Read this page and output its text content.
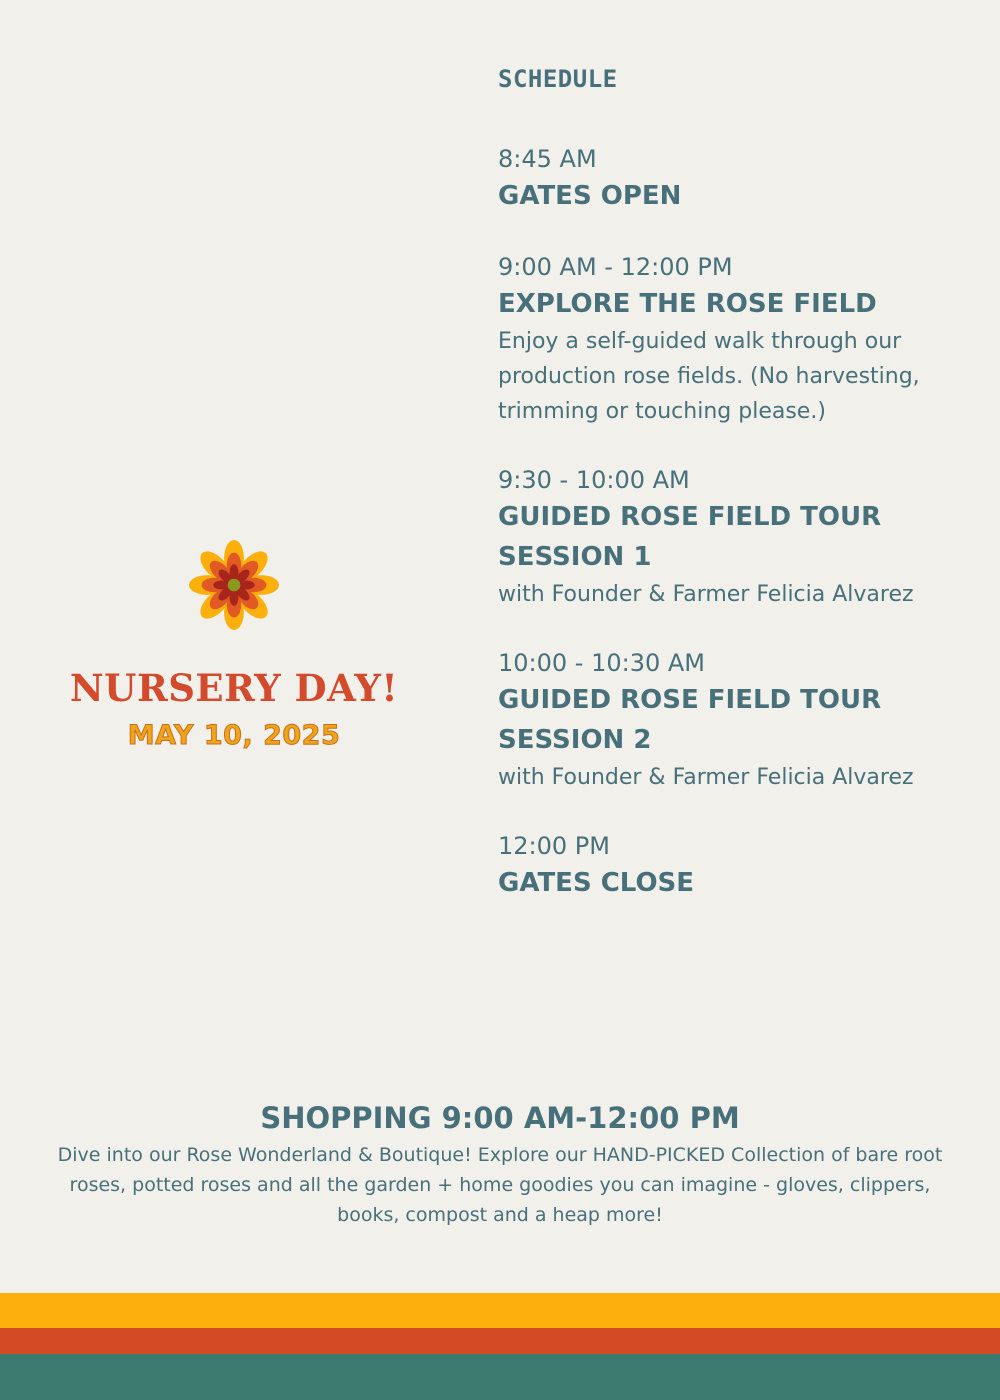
NURSERY DAY!
MAY 10, 2025
SCHEDULE
8:45 AM
GATES OPEN
9:00 AM - 12:00 PM
EXPLORE THE ROSE FIELD
Enjoy a self-guided walk through our production rose fields. (No harvesting, trimming or touching please.)
9:30 - 10:00 AM
GUIDED ROSE FIELD TOUR SESSION 1
with Founder & Farmer Felicia Alvarez
10:00 - 10:30 AM
GUIDED ROSE FIELD TOUR SESSION 2
with Founder & Farmer Felicia Alvarez
12:00 PM
GATES CLOSE
SHOPPING 9:00 AM-12:00 PM
Dive into our Rose Wonderland & Boutique! Explore our HAND-PICKED Collection of bare root roses, potted roses and all the garden + home goodies you can imagine - gloves, clippers, books, compost and a heap more!
